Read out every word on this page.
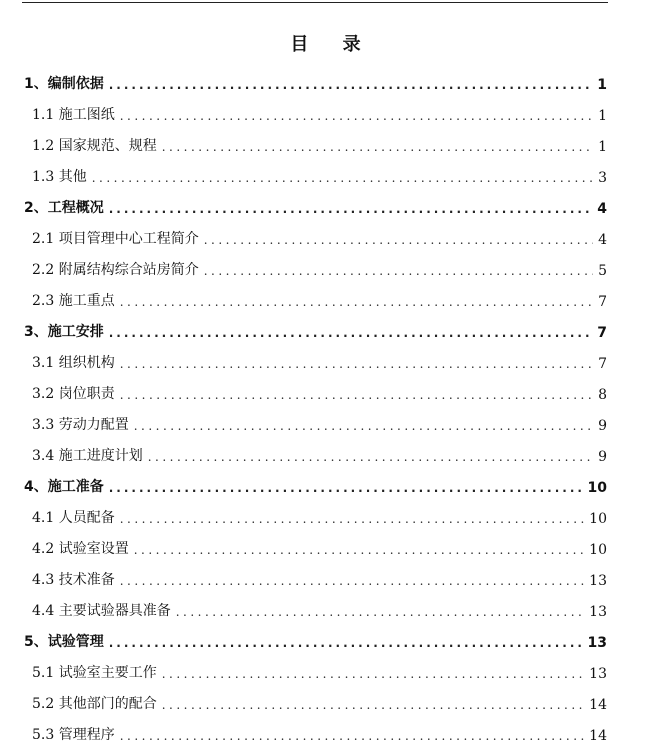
目 录
1、编制依据 .....	1
1.1 施工图纸 .....	1
1.2 国家规范、规程 .....	1
1.3 其他 .....	3
2、工程概况 .....	4
2.1 项目管理中心工程简介 .....	4
2.2 附属结构综合站房简介 .....	5
2.3 施工重点 .....	7
3、施工安排 .....	7
3.1 组织机构 .....	7
3.2 岗位职责 .....	8
3.3 劳动力配置 .....	9
3.4 施工进度计划 .....	9
4、施工准备 .....	10
4.1 人员配备 .....	10
4.2 试验室设置 .....	10
4.3 技术准备 .....	13
4.4 主要试验器具准备 .....	13
5、试验管理 .....	13
5.1 试验室主要工作 .....	13
5.2 其他部门的配合 .....	14
5.3 管理程序 .....	14
